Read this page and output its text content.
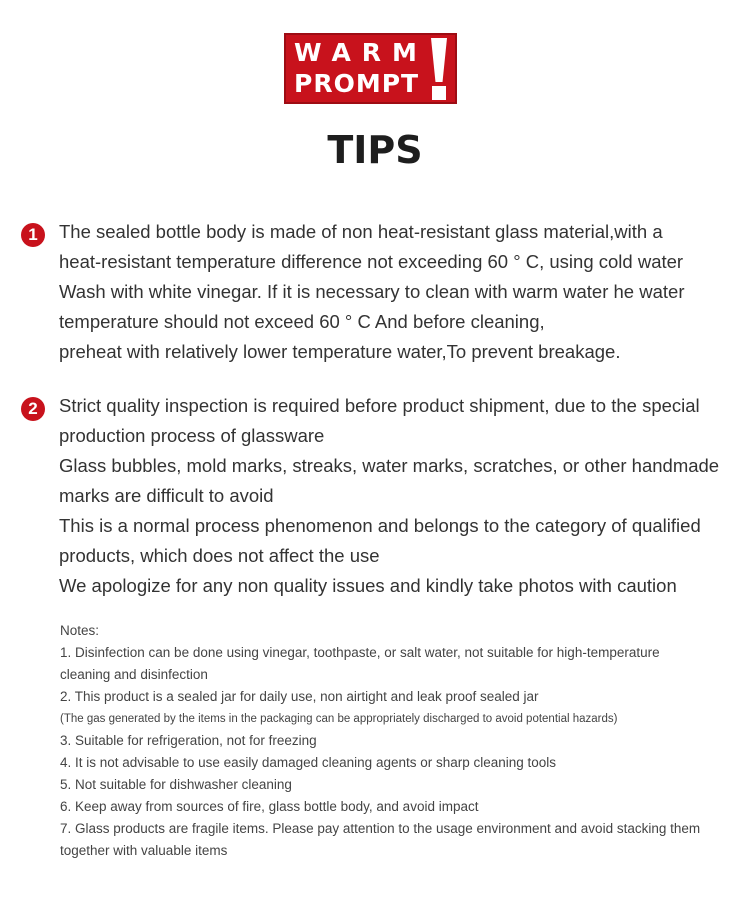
WARM
PROMPT
TIPS
1	The sealed bottle body is made of non heat-resistant glass material,with a
heat-resistant temperature difference not exceeding 60 ° C, using cold water
Wash with white vinegar. If it is necessary to clean with warm water he water
temperature should not exceed 60 ° C And before cleaning,
preheat with relatively lower temperature water,To prevent breakage.
2	Strict quality inspection is required before product shipment, due to the special
production process of glassware
Glass bubbles, mold marks, streaks, water marks, scratches, or other handmade
marks are difficult to avoid
This is a normal process phenomenon and belongs to the category of qualified
products, which does not affect the use
We apologize for any non quality issues and kindly take photos with caution
Notes:
1. Disinfection can be done using vinegar, toothpaste, or salt water, not suitable for high-temperature
cleaning and disinfection
2. This product is a sealed jar for daily use, non airtight and leak proof sealed jar
(The gas generated by the items in the packaging can be appropriately discharged to avoid potential hazards)
3. Suitable for refrigeration, not for freezing
4. It is not advisable to use easily damaged cleaning agents or sharp cleaning tools
5. Not suitable for dishwasher cleaning
6. Keep away from sources of fire, glass bottle body, and avoid impact
7. Glass products are fragile items. Please pay attention to the usage environment and avoid stacking them
together with valuable items
